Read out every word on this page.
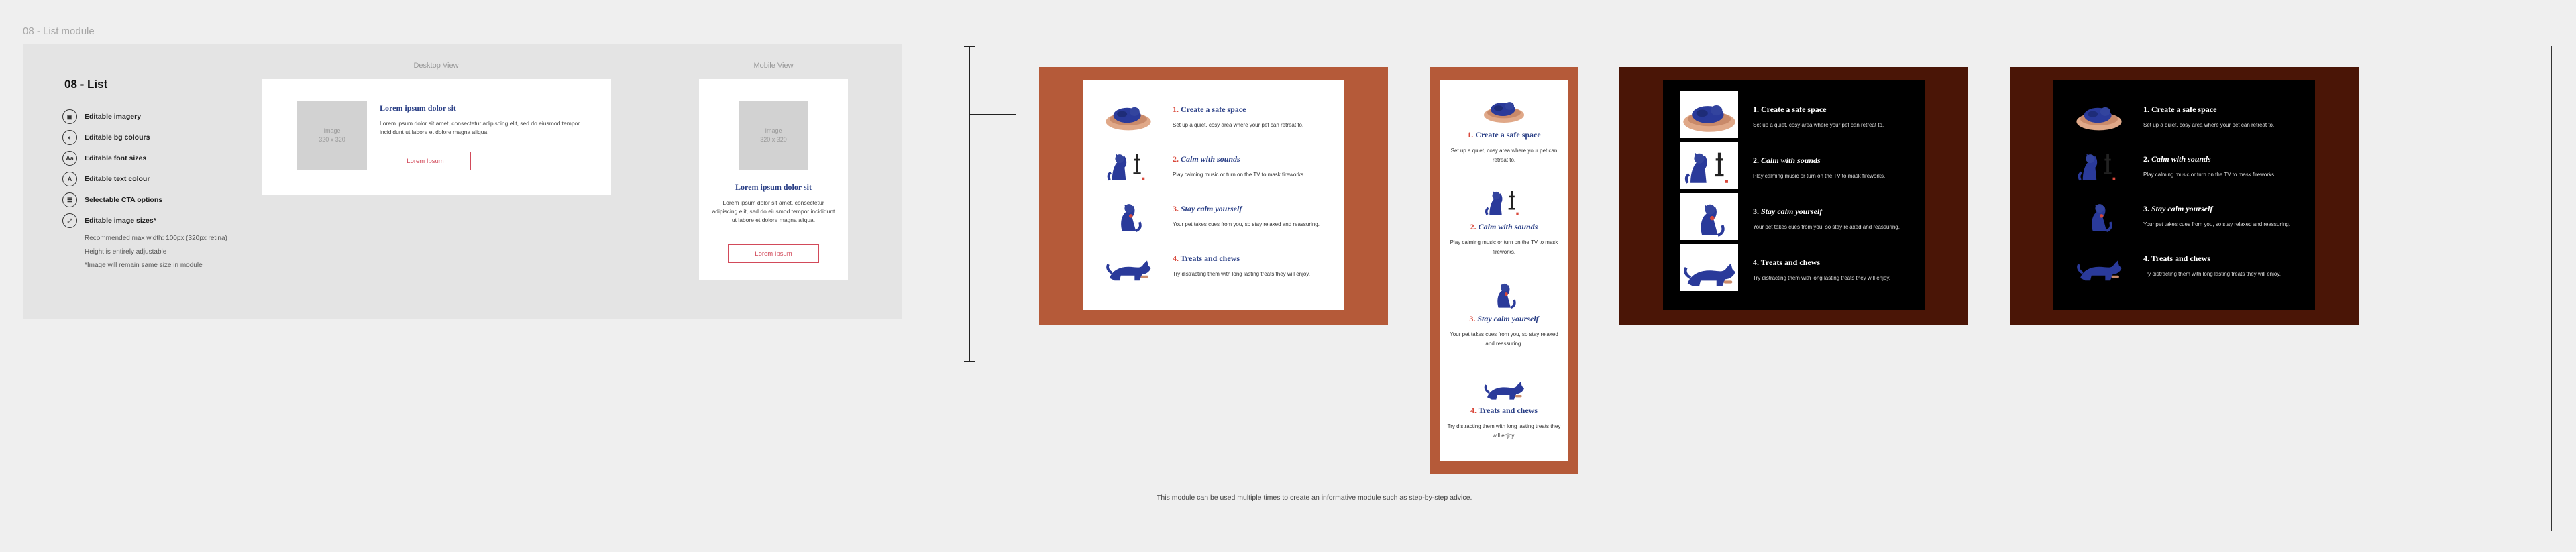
08 - List module
08 - List
▣	Editable imagery
◐	Editable bg colours
Aa	Editable font sizes
A	Editable text colour
☰	Selectable CTA options
⤢	Editable image sizes*
Recommended max width: 100px (320px retina)
Height is entirely adjustable
*Image will remain same size in module
Desktop View
Image
320 x 320
Lorem ipsum dolor sit
Lorem ipsum dolor sit amet, consectetur adipiscing elit, sed do eiusmod tempor incididunt ut labore et dolore magna aliqua.
Lorem Ipsum
Mobile View
Image
320 x 320
Lorem ipsum dolor sit
Lorem ipsum dolor sit amet, consectetur adipiscing elit, sed do eiusmod tempor incididunt ut labore et dolore magna aliqua.
Lorem Ipsum
1. Create a safe space
Set up a quiet, cosy area where your pet can retreat to.
2. Calm with sounds
Play calming music or turn on the TV to mask fireworks.
3. Stay calm yourself
Your pet takes cues from you, so stay relaxed and reassuring.
4. Treats and chews
Try distracting them with long lasting treats they will enjoy.
1. Create a safe space
Set up a quiet, cosy area where your pet can retreat to.
2. Calm with sounds
Play calming music or turn on the TV to mask fireworks.
3. Stay calm yourself
Your pet takes cues from you, so stay relaxed and reassuring.
4. Treats and chews
Try distracting them with long lasting treats they will enjoy.
1. Create a safe space
Set up a quiet, cosy area where your pet can retreat to.
2. Calm with sounds
Play calming music or turn on the TV to mask fireworks.
3. Stay calm yourself
Your pet takes cues from you, so stay relaxed and reassuring.
4. Treats and chews
Try distracting them with long lasting treats they will enjoy.
1. Create a safe space
Set up a quiet, cosy area where your pet can retreat to.
2. Calm with sounds
Play calming music or turn on the TV to mask fireworks.
3. Stay calm yourself
Your pet takes cues from you, so stay relaxed and reassuring.
4. Treats and chews
Try distracting them with long lasting treats they will enjoy.
This module can be used multiple times to create an informative module such as step-by-step advice.
